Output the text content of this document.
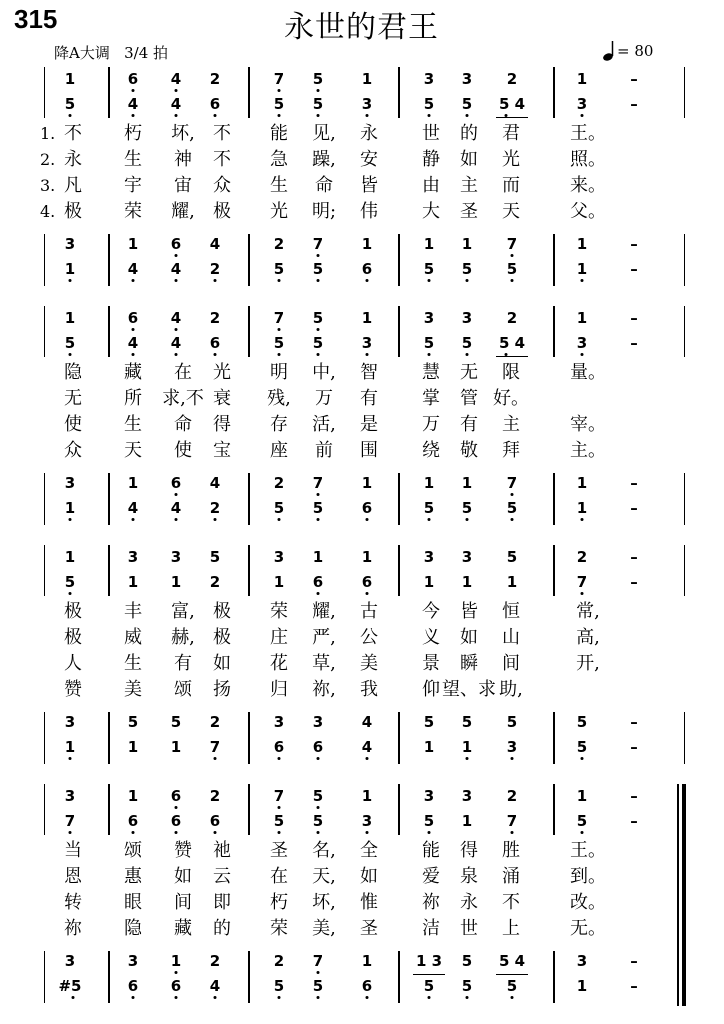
315	永世的君王
降A大调   3/4 拍	= 80
1	6 4 2	7 5	1	3 3 2	1	–
5	4 4 6	5 5	3	5 5 5 4	3	–
3	1 6 4	2 7	1	1 1 7	1	–
1	4 4 2	5 5	6	5 5 5	1	–
1. 不 朽 坏, 不 能 见, 永 世 的 君	王。
2. 永 生 神 不 急 躁, 安 静 如 光	照。
3. 凡 宇 宙 众 生 命 皆 由 主 而	来。
4. 极 荣 耀, 极 光 明; 伟 大 圣 天	父。
1	6 4 2	7 5	1	3 3 2	1	–
5	4 4 6	5 5	3	5 5 5 4	3	–
3	1 6 4	2 7	1	1 1 7	1	–
1	4 4 2	5 5	6	5 5 5	1	–
隐 藏 在 光 明 中, 智 慧 无 限	量。
无 所 求,不 衰 残, 万 有 掌 管 好。
使 生 命 得 存 活, 是 万 有 主	宰。
众 天 使 宝 座 前 围 绕 敬 拜	主。
1	3 3 5	3 1	1	3 3 5	2	–
5	1 1 2	1 6	6	1 1 1	7	–
3	5 5 2	3 3	4	5 5 5	5	–
1	1 1 7	6 6	4	1 1 3	5	–
极 丰 富, 极 荣 耀, 古 今 皆 恒	常,
极 威 赫, 极 庄 严, 公 义 如 山	高,
人 生 有 如 花 草, 美 景 瞬 间	开,
赞 美 颂 扬 归 祢, 我 仰 望、求 助,
3	1 6 2	7 5	1	3 3 2	1	–
7	6 6 6	5 5	3	5 1 7	5	–
3	3 1 2	2 7	1	1 3 5 5 4	3	–
#5	6 6 4	5 5	6	5 5 5	1	–
当 颂 赞 祂 圣 名, 全 能 得 胜	王。
恩 惠 如 云 在 天, 如 爱 泉 涌	到。
转 眼 间 即 朽 坏, 惟 祢 永 不	改。
祢 隐 藏 的 荣 美, 圣 洁 世 上	无。
